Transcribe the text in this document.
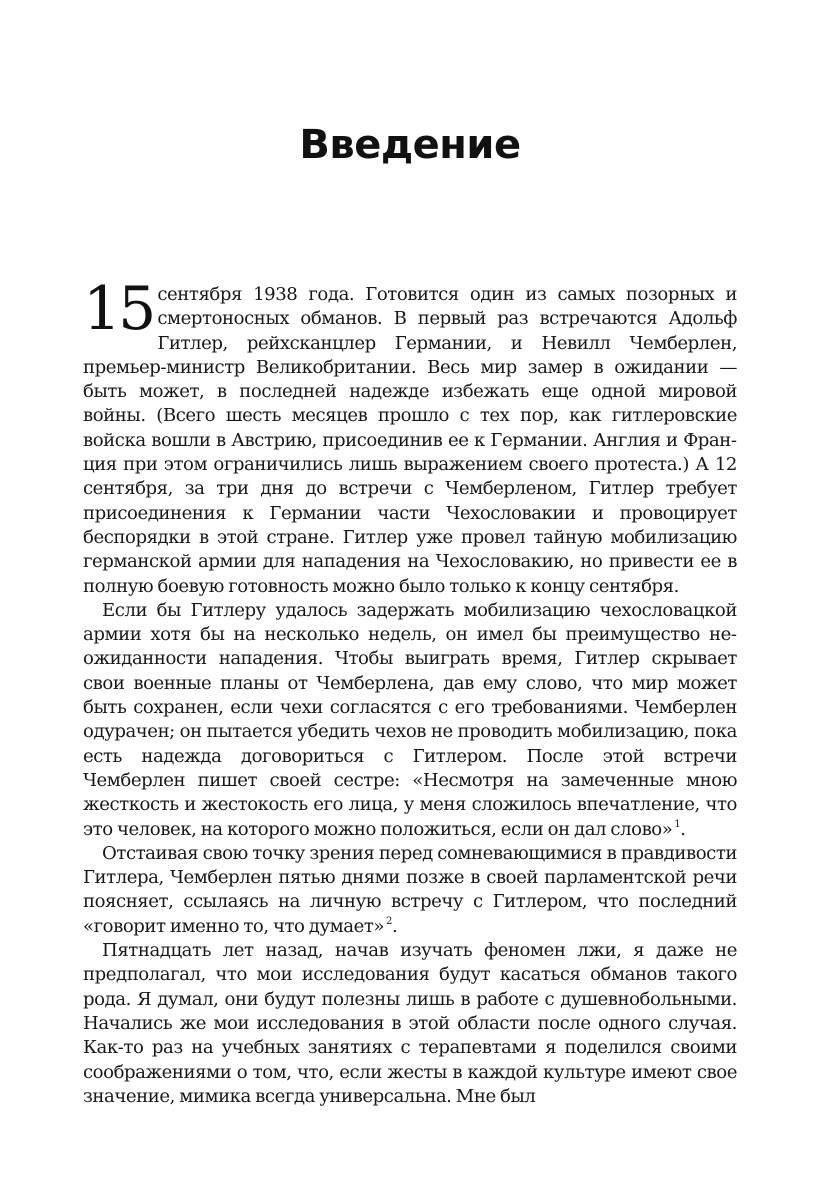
Введение

15 сентября 1938 года. Готовится один из самых позорных и смертоносных обманов. В первый раз встречаются Адольф Гитлер, рейхсканцлер Германии, и Невилл Чемберлен, премьер-министр Великобритании. Весь мир замер в ожидании — быть может, в последней надежде избежать еще одной мировой войны. (Всего шесть месяцев прошло с тех пор, как гитлеровские войска вошли в Австрию, присоединив ее к Германии. Англия и Франция при этом ограничились лишь выражением своего протеста.) А 12 сентября, за три дня до встречи с Чемберленом, Гитлер требует присоединения к Германии части Чехословакии и провоцирует беспорядки в этой стране. Гитлер уже провел тайную мобилизацию германской армии для нападения на Чехословакию, но привести ее в полную боевую готовность можно было только к концу сентября.

Если бы Гитлеру удалось задержать мобилизацию чехословацкой армии хотя бы на несколько недель, он имел бы преимущество неожиданности нападения. Чтобы выиграть время, Гитлер скрывает свои военные планы от Чемберлена, дав ему слово, что мир может быть сохранен, если чехи согласятся с его требованиями. Чемберлен одурачен; он пытается убедить чехов не проводить мобилизацию, пока есть надежда договориться с Гитлером. После этой встречи Чемберлен пишет своей сестре: «Несмотря на замеченные мною жесткость и жестокость его лица, у меня сложилось впечатление, что это человек, на которого можно положиться, если он дал слово» $^1$.

Отстаивая свою точку зрения перед сомневающимися в правдивости Гитлера, Чемберлен пятью днями позже в своей парламентской речи поясняет, ссылаясь на личную встречу с Гитлером, что последний «говорит именно то, что думает» $^2$.

Пятнадцать лет назад, начав изучать феномен лжи, я даже не предполагал, что мои исследования будут касаться обманов такого рода. Я думал, они будут полезны лишь в работе с душевнобольными. Начались же мои исследования в этой области после одного случая. Как-то раз на учебных занятиях с терапевтами я поделился своими соображениями о том, что, если жесты в каждой культуре имеют свое значение, мимика всегда универсальна. Мне был
